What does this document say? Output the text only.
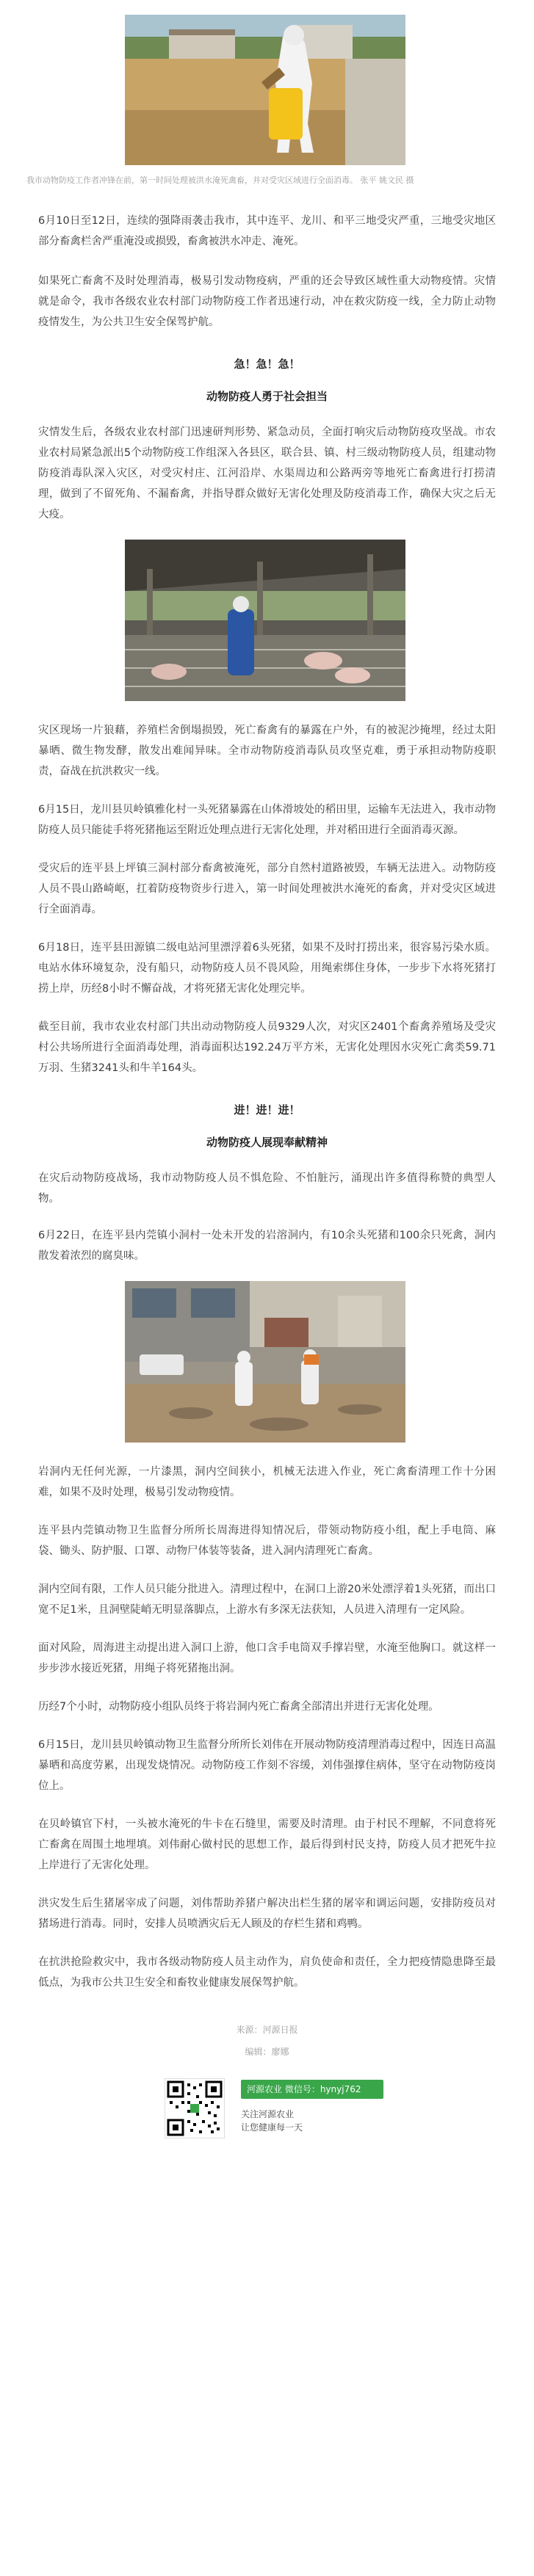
我市动物防疫工作者冲锋在前，第一时间处理被洪水淹死禽畜，并对受灾区域进行全面消毒。 张平 姚文民 摄

6月10日至12日，连续的强降雨袭击我市，其中连平、龙川、和平三地受灾严重，三地受灾地区部分畜禽栏舍严重淹没或损毁，畜禽被洪水冲走、淹死。

如果死亡畜禽不及时处理消毒，极易引发动物疫病，严重的还会导致区域性重大动物疫情。灾情就是命令，我市各级农业农村部门动物防疫工作者迅速行动，冲在救灾防疫一线，全力防止动物疫情发生，为公共卫生安全保驾护航。

急！急！急！

动物防疫人勇于社会担当

灾情发生后，各级农业农村部门迅速研判形势、紧急动员，全面打响灾后动物防疫攻坚战。市农业农村局紧急派出5个动物防疫工作组深入各县区，联合县、镇、村三级动物防疫人员，组建动物防疫消毒队深入灾区，对受灾村庄、江河沿岸、水渠周边和公路两旁等地死亡畜禽进行打捞清理，做到了不留死角、不漏畜禽，并指导群众做好无害化处理及防疫消毒工作，确保大灾之后无大疫。

灾区现场一片狼藉，养殖栏舍倒塌损毁，死亡畜禽有的暴露在户外，有的被泥沙掩埋，经过太阳暴晒、微生物发酵，散发出难闻异味。全市动物防疫消毒队员攻坚克难，勇于承担动物防疫职责，奋战在抗洪救灾一线。

6月15日，龙川县贝岭镇雅化村一头死猪暴露在山体滑坡处的稻田里，运输车无法进入，我市动物防疫人员只能徒手将死猪拖运至附近处理点进行无害化处理，并对稻田进行全面消毒灭源。

受灾后的连平县上坪镇三洞村部分畜禽被淹死，部分自然村道路被毁，车辆无法进入。动物防疫人员不畏山路崎岖，扛着防疫物资步行进入，第一时间处理被洪水淹死的畜禽，并对受灾区域进行全面消毒。

6月18日，连平县田源镇二级电站河里漂浮着6头死猪，如果不及时打捞出来，很容易污染水质。电站水体环境复杂，没有船只，动物防疫人员不畏风险，用绳索绑住身体，一步步下水将死猪打捞上岸，历经8小时不懈奋战，才将死猪无害化处理完毕。

截至目前，我市农业农村部门共出动动物防疫人员9329人次，对灾区2401个畜禽养殖场及受灾村公共场所进行全面消毒处理，消毒面积达192.24万平方米，无害化处理因水灾死亡禽类59.71万羽、生猪3241头和牛羊164头。

进！进！进！

动物防疫人展现奉献精神

在灾后动物防疫战场，我市动物防疫人员不惧危险、不怕脏污，涌现出许多值得称赞的典型人物。

6月22日，在连平县内莞镇小洞村一处未开发的岩溶洞内，有10余头死猪和100余只死禽，洞内散发着浓烈的腐臭味。

岩洞内无任何光源，一片漆黑，洞内空间狭小，机械无法进入作业，死亡禽畜清理工作十分困难，如果不及时处理，极易引发动物疫情。

连平县内莞镇动物卫生监督分所所长周海进得知情况后，带领动物防疫小组，配上手电筒、麻袋、锄头、防护服、口罩、动物尸体装等装备，进入洞内清理死亡畜禽。

洞内空间有限，工作人员只能分批进入。清理过程中，在洞口上游20米处漂浮着1头死猪，而出口宽不足1米，且洞壁陡峭无明显落脚点，上游水有多深无法获知，人员进入清理有一定风险。

面对风险，周海进主动提出进入洞口上游，他口含手电筒双手撑岩壁，水淹至他胸口。就这样一步步涉水接近死猪，用绳子将死猪拖出洞。

历经7个小时，动物防疫小组队员终于将岩洞内死亡畜禽全部清出并进行无害化处理。

6月15日，龙川县贝岭镇动物卫生监督分所所长刘伟在开展动物防疫清理消毒过程中，因连日高温暴晒和高度劳累，出现发烧情况。动物防疫工作刻不容缓，刘伟强撑住病体，坚守在动物防疫岗位上。

在贝岭镇官下村，一头被水淹死的牛卡在石缝里，需要及时清理。由于村民不理解，不同意将死亡畜禽在周围土地埋填。刘伟耐心做村民的思想工作，最后得到村民支持，防疫人员才把死牛拉上岸进行了无害化处理。

洪灾发生后生猪屠宰成了问题，刘伟帮助养猪户解决出栏生猪的屠宰和调运问题，安排防疫员对猪场进行消毒。同时，安排人员喷洒灾后无人顾及的存栏生猪和鸡鸭。

在抗洪抢险救灾中，我市各级动物防疫人员主动作为，肩负使命和责任，全力把疫情隐患降至最低点，为我市公共卫生安全和畜牧业健康发展保驾护航。

来源：河源日报

编辑：廖娜

河源农业 微信号：hynyj762
关注河源农业
让您健康每一天
